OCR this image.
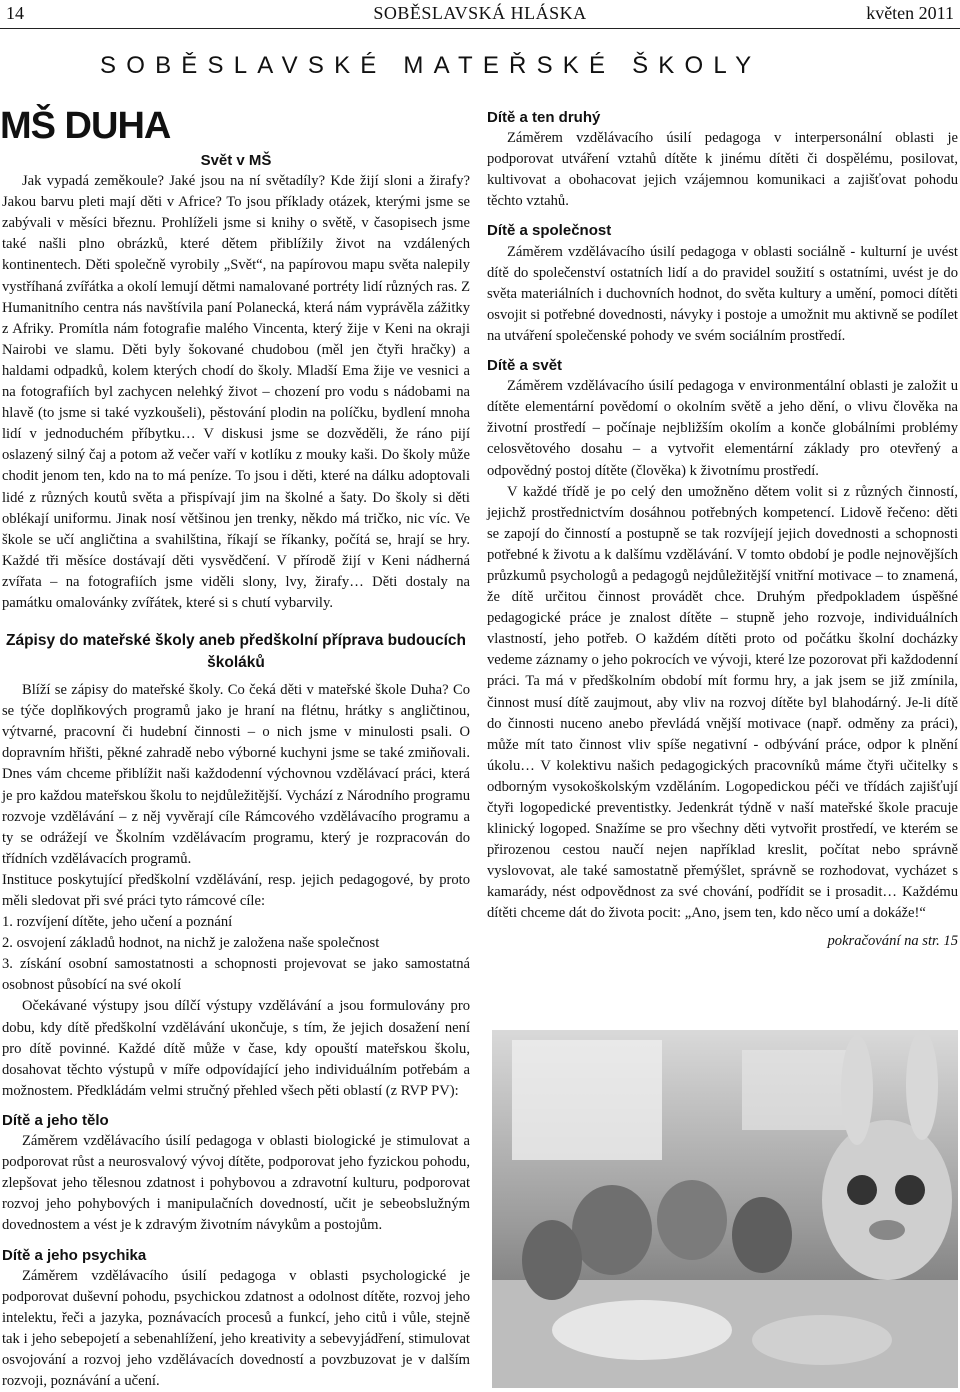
14	SOBĚSLAVSKÁ HLÁSKA	květen 2011
SOBĚSLAVSKÉ MATEŘSKÉ ŠKOLY
MŠ DUHA

Svět v MŠ

Jak vypadá zeměkoule? Jaké jsou na ní světadíly? Kde žijí sloni a žirafy? Jakou barvu pleti mají děti v Africe? To jsou příklady otázek, kterými jsme se zabývali v měsíci březnu. Prohlíželi jsme si knihy o světě, v časopisech jsme také našli plno obrázků, které dětem přiblížily život na vzdálených kontinentech. Děti společně vyrobily „Svět“, na papírovou mapu světa nalepily vystříhaná zvířátka a okolí lemují dětmi namalované portréty lidí různých ras. Z Humanitního centra nás navštívila paní Polanecká, která nám vyprávěla zážitky z Afriky. Promítla nám fotografie malého Vincenta, který žije v Keni na okraji Nairobi ve slamu. Děti byly šokované chudobou (měl jen čtyři hračky) a haldami odpadků, kolem kterých chodí do školy. Mladší Ema žije ve vesnici a na fotografiích byl zachycen nelehký život – chození pro vodu s nádobami na hlavě (to jsme si také vyzkoušeli), pěstování plodin na políčku, bydlení mnoha lidí v jednoduchém příbytku… V diskusi jsme se dozvěděli, že ráno pijí oslazený silný čaj a potom až večer vaří v kotlíku z mouky kaši. Do školy může chodit jenom ten, kdo na to má peníze. To jsou i děti, které na dálku adoptovali lidé z různých koutů světa a přispívají jim na školné a šaty. Do školy si děti oblékají uniformu. Jinak nosí většinou jen trenky, někdo má tričko, nic víc. Ve škole se učí angličtina a svahilština, říkají se říkanky, počítá se, hrají se hry. Každé tři měsíce dostávají děti vysvědčení. V přírodě žijí v Keni nádherná zvířata – na fotografiích jsme viděli slony, lvy, žirafy… Děti dostaly na památku omalovánky zvířátek, které si s chutí vybarvily.

Zápisy do mateřské školy aneb předškolní příprava budoucích školáků

Blíží se zápisy do mateřské školy. Co čeká děti v mateřské škole Duha? Co se týče doplňkových programů jako je hraní na flétnu, hrátky s angličtinou, výtvarné, pracovní či hudební činnosti – o nich jsme v minulosti psali. O dopravním hřišti, pěkné zahradě nebo výborné kuchyni jsme se také zmiňovali. Dnes vám chceme přiblížit naši každodenní výchovnou vzdělávací práci, která je pro každou mateřskou školu to nejdůležitější. Vychází z Národního programu rozvoje vzdělávání – z něj vyvěrají cíle Rámcového vzdělávacího programu a ty se odrážejí ve Školním vzdělávacím programu, který je rozpracován do třídních vzdělávacích programů.

Instituce poskytující předškolní vzdělávání, resp. jejich pedagogové, by proto měli sledovat při své práci tyto rámcové cíle:

1. rozvíjení dítěte, jeho učení a poznání

2. osvojení základů hodnot, na nichž je založena naše společnost

3. získání osobní samostatnosti a schopnosti projevovat se jako samostatná osobnost působící na své okolí

Očekávané výstupy jsou dílčí výstupy vzdělávání a jsou formulovány pro dobu, kdy dítě předškolní vzdělávání ukončuje, s tím, že jejich dosažení není pro dítě povinné. Každé dítě může v čase, kdy opouští mateřskou školu, dosahovat těchto výstupů v míře odpovídající jeho individuálním potřebám a možnostem. Předkládám velmi stručný přehled všech pěti oblastí (z RVP PV):

Dítě a jeho tělo

Záměrem vzdělávacího úsilí pedagoga v oblasti biologické je stimulovat a podporovat růst a neurosvalový vývoj dítěte, podporovat jeho fyzickou pohodu, zlepšovat jeho tělesnou zdatnost i pohybovou a zdravotní kulturu, podporovat rozvoj jeho pohybových i manipulačních dovedností, učit je sebeobslužným dovednostem a vést je k zdravým životním návykům a postojům.

Dítě a jeho psychika

Záměrem vzdělávacího úsilí pedagoga v oblasti psychologické je podporovat duševní pohodu, psychickou zdatnost a odolnost dítěte, rozvoj jeho intelektu, řeči a jazyka, poznávacích procesů a funkcí, jeho citů i vůle, stejně tak i jeho sebepojetí a sebenahlížení, jeho kreativity a sebevyjádření, stimulovat osvojování a rozvoj jeho vzdělávacích dovedností a povzbuzovat je v dalším rozvoji, poznávání a učení.

Dítě a ten druhý

Záměrem vzdělávacího úsilí pedagoga v interpersonální oblasti je podporovat utváření vztahů dítěte k jinému dítěti či dospělému, posilovat, kultivovat a obohacovat jejich vzájemnou komunikaci a zajišťovat pohodu těchto vztahů.

Dítě a společnost

Záměrem vzdělávacího úsilí pedagoga v oblasti sociálně - kulturní je uvést dítě do společenství ostatních lidí a do pravidel soužití s ostatními, uvést je do světa materiálních i duchovních hodnot, do světa kultury a umění, pomoci dítěti osvojit si potřebné dovednosti, návyky i postoje a umožnit mu aktivně se podílet na utváření společenské pohody ve svém sociálním prostředí.

Dítě a svět

Záměrem vzdělávacího úsilí pedagoga v environmentální oblasti je založit u dítěte elementární povědomí o okolním světě a jeho dění, o vlivu člověka na životní prostředí – počínaje nejbližším okolím a konče globálními problémy celosvětového dosahu – a vytvořit elementární základy pro otevřený a odpovědný postoj dítěte (člověka) k životnímu prostředí.

V každé třídě je po celý den umožněno dětem volit si z různých činností, jejichž prostřednictvím dosáhnou potřebných kompetencí. Lidově řečeno: děti se zapojí do činností a postupně se tak rozvíjejí jejich dovednosti a schopnosti potřebné k životu a k dalšímu vzdělávání. V tomto období je podle nejnovějších průzkumů psychologů a pedagogů nejdůležitější vnitřní motivace – to znamená, že dítě určitou činnost provádět chce. Druhým předpokladem úspěšné pedagogické práce je znalost dítěte – stupně jeho rozvoje, individuálních vlastností, jeho potřeb. O každém dítěti proto od počátku školní docházky vedeme záznamy o jeho pokrocích ve vývoji, které lze pozorovat při každodenní práci. Ta má v předškolním období mít formu hry, a jak jsem se již zmínila, činnost musí dítě zaujmout, aby vliv na rozvoj dítěte byl blahodárný. Je-li dítě do činnosti nuceno anebo převládá vnější motivace (např. odměny za práci), může mít tato činnost vliv spíše negativní - odbývání práce, odpor k plnění úkolu… V kolektivu našich pedagogických pracovníků máme čtyři učitelky s odborným vysokoškolským vzděláním. Logopedickou péči ve třídách zajišťují čtyři logopedické preventistky. Jedenkrát týdně v naší mateřské škole pracuje klinický logoped. Snažíme se pro všechny děti vytvořit prostředí, ve kterém se přirozenou cestou naučí nejen například kreslit, počítat nebo správně vyslovovat, ale také samostatně přemýšlet, správně se rozhodovat, vycházet s kamarády, nést odpovědnost za své chování, podřídit se i prosadit… Každému dítěti chceme dát do života pocit: „Ano, jsem ten, kdo něco umí a dokáže!“

pokračování na str. 15
